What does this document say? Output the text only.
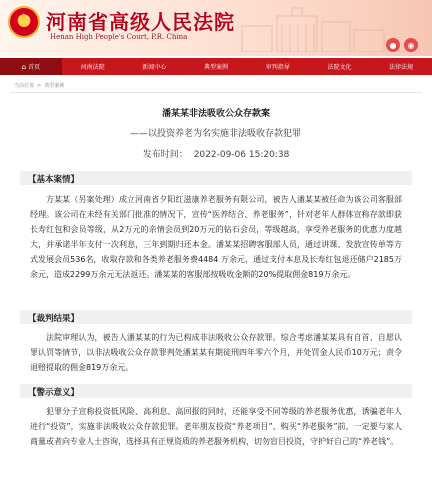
★
河南省高级人民法院
Henan High People's Court, P.R. China
●	◉
⌂ 首页	河南法院	新闻中心	典型案例	审判指导	法院文化	法律法规
当前位置 > 典型案例
潘某某非法吸收公众存款案
——以投资养老为名实施非法吸收存款犯罪
发布时间： 2022-09-06 15:20:38
【基本案情】
方某某（另案处理）成立河南省夕阳红滋康养老服务有限公司，被告人潘某某被任命为该公司客服部经理。该公司在未经有关部门批准的情况下，宣传“医养结合、养老服务”，针对老年人群体宣称存款即获长寿红包和会员等级，从2万元的亲情会员到20万元的钻石会员，等级越高，享受养老服务的优惠力度越大，并承诺半年支付一次利息，三年到期归还本金。潘某某招聘客服部人员，通过讲课、发放宣传单等方式发展会员536名，收取存款和各类养老服务费4484 万余元，通过支付本息及长寿红包退还储户2185万余元，造成2299万余元无法返还。潘某某的客服部按吸收金额的20%提取佣金819万余元。
【裁判结果】
法院审理认为，被告人潘某某的行为已构成非法吸收公众存款罪。综合考虑潘某某具有自首、自愿认罪认罚等情节，以非法吸收公众存款罪判处潘某某有期徒刑四年零六个月，并处罚金人民币10万元；责令退赔提取的佣金819万余元。
【警示意义】
犯罪分子宣称投资低风险、高利息、高回报的同时，还能享受不同等级的养老服务优惠，诱骗老年人进行“投资”，实施非法吸收公众存款犯罪。老年朋友投资“养老项目”、购买“养老服务”前，一定要与家人商量或者向专业人士咨询，选择具有正规资质的养老服务机构，切勿盲目投资，守护好自己的“养老钱”。
